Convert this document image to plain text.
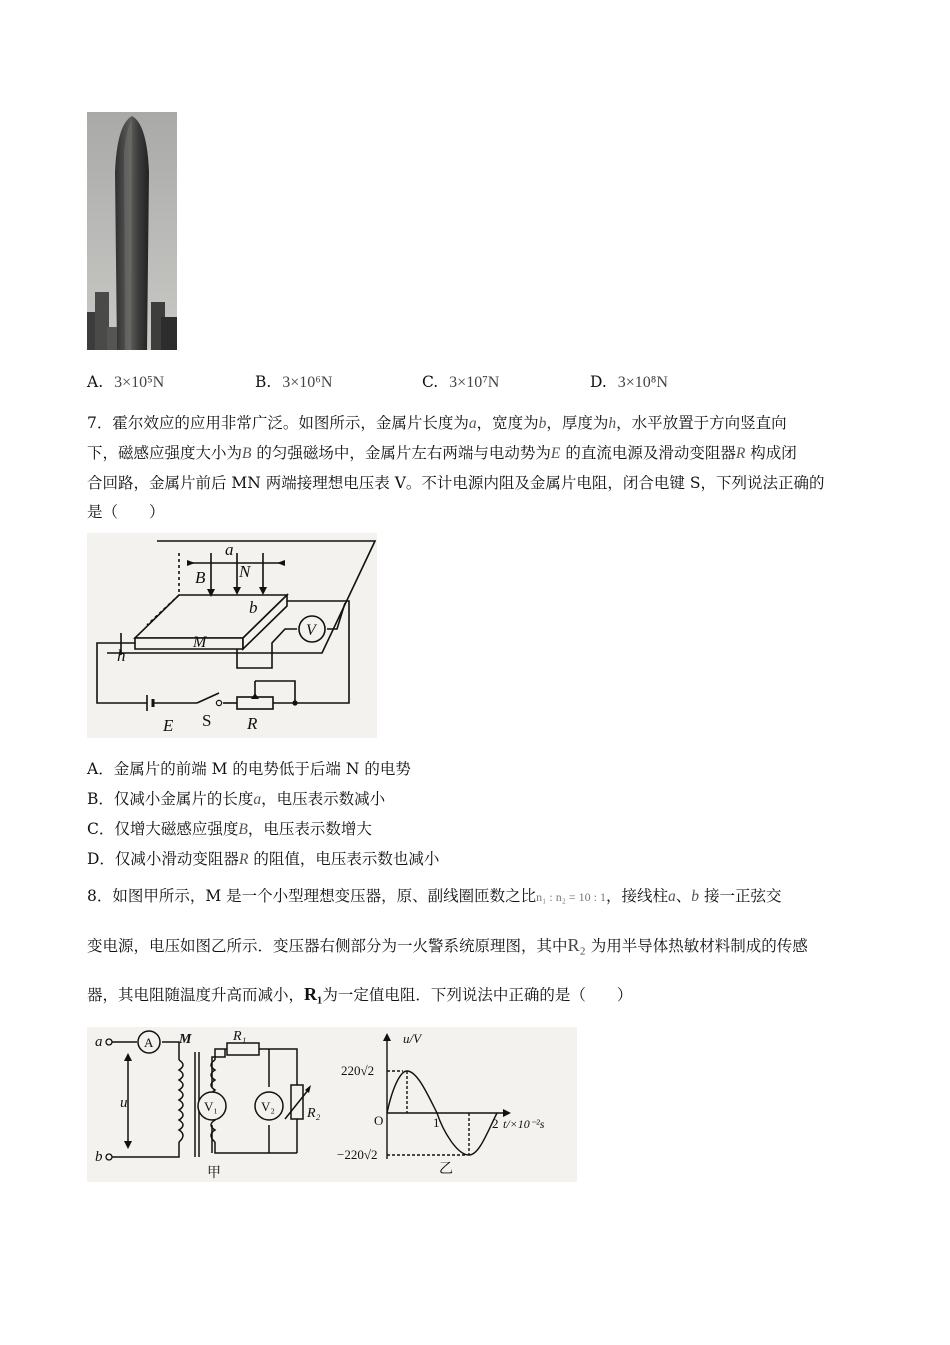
A. 3×10⁵N	B. 3×10⁶N	C. 3×10⁷N	D. 3×10⁸N
7．霍尔效应的应用非常广泛。如图所示，金属片长度为a，宽度为b，厚度为h，水平放置于方向竖直向
下，磁感应强度大小为B 的匀强磁场中，金属片左右两端与电动势为E 的直流电源及滑动变阻器R 构成闭
合回路，金属片前后 MN 两端接理想电压表 V。不计电源内阻及金属片电阻，闭合电键 S，下列说法正确的
是（　　）
V
a
B N
b
M
h
E S R
A．金属片的前端 M 的电势低于后端 N 的电势
B．仅减小金属片的长度a，电压表示数减小
C．仅增大磁感应强度B，电压表示数增大
D．仅减小滑动变阻器R 的阻值，电压表示数也减小
8．如图甲所示，M 是一个小型理想变压器，原、副线圈匝数之比n₁ : n₂ = 10 : 1，接线柱a、b 接一正弦交
变电源，电压如图乙所示．变压器右侧部分为一火警系统原理图，其中R₂ 为用半导体热敏材料制成的传感
器，其电阻随温度升高而减小，R₁为一定值电阻．下列说法中正确的是（　　）
a
b
u
M
A	R₁
V₁	V₂ R₂
甲
u/V
220√2
−220√2
O	1	2 t/×10⁻²s
乙
